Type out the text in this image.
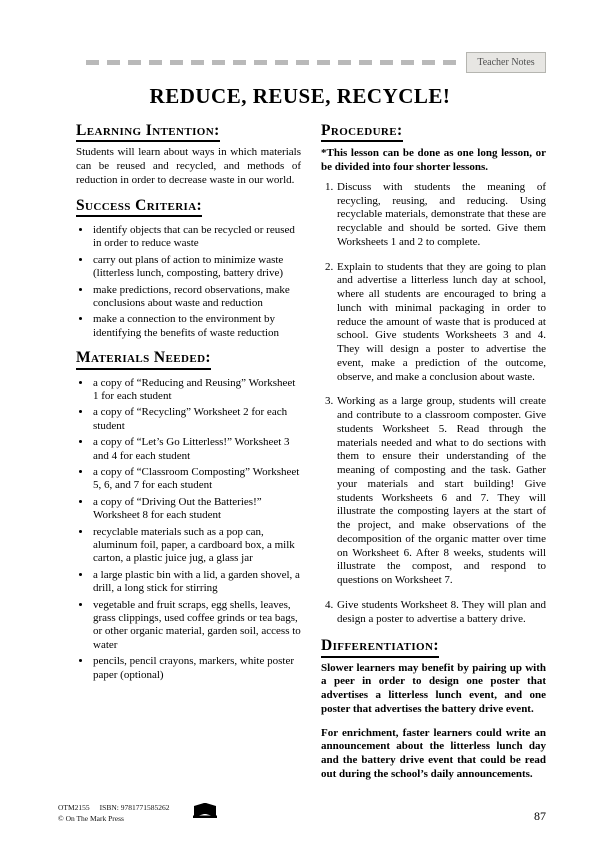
Teacher Notes
REDUCE, REUSE, RECYCLE!
Learning Intention:

Students will learn about ways in which materials can be reused and recycled, and methods of reduction in order to decrease waste in our world.

Success Criteria:
• identify objects that can be recycled or reused in order to reduce waste
• carry out plans of action to minimize waste (litterless lunch, composting, battery drive)
• make predictions, record observations, make conclusions about waste and reduction
• make a connection to the environment by identifying the benefits of waste reduction
Materials Needed:
• a copy of “Reducing and Reusing” Worksheet 1 for each student
• a copy of “Recycling” Worksheet 2 for each student
• a copy of “Let’s Go Litterless!” Worksheet 3 and 4 for each student
• a copy of “Classroom Composting” Worksheet 5, 6, and 7 for each student
• a copy of “Driving Out the Batteries!” Worksheet 8 for each student
• recyclable materials such as a pop can, aluminum foil, paper, a cardboard box, a milk carton, a plastic juice jug, a glass jar
• a large plastic bin with a lid, a garden shovel, a drill, a long stick for stirring
• vegetable and fruit scraps, egg shells, leaves, grass clippings, used coffee grinds or tea bags, or other organic material, garden soil, access to water
• pencils, pencil crayons, markers, white poster paper (optional)
Procedure:

*This lesson can be done as one long lesson, or be divided into four shorter lessons.

1. Discuss with students the meaning of recycling, reusing, and reducing. Using recyclable materials, demonstrate that these are recyclable and should be sorted. Give them Worksheets 1 and 2 to complete.
2. Explain to students that they are going to plan and advertise a litterless lunch day at school, where all students are encouraged to bring a lunch with minimal packaging in order to reduce the amount of waste that is produced at school. Give students Worksheets 3 and 4. They will design a poster to advertise the event, make a prediction of the outcome, observe, and make a conclusion about waste.
3. Working as a large group, students will create and contribute to a classroom composter. Give students Worksheet 5. Read through the materials needed and what to do sections with them to ensure their understanding of the meaning of composting and the task. Gather your materials and start building! Give students Worksheets 6 and 7. They will illustrate the composting layers at the start of the project, and make observations of the decomposition of the organic matter over time on Worksheet 6. After 8 weeks, students will illustrate the compost, and respond to questions on Worksheet 7.
4. Give students Worksheet 8. They will plan and design a poster to advertise a battery drive.
Differentiation:

Slower learners may benefit by pairing up with a peer in order to design one poster that advertises a litterless lunch event, and one poster that advertises the battery drive event.

For enrichment, faster learners could write an announcement about the litterless lunch day and the battery drive event that could be read out during the school’s daily announcements.

OTM2155 ISBN: 9781771585262
© On The Mark Press	87
